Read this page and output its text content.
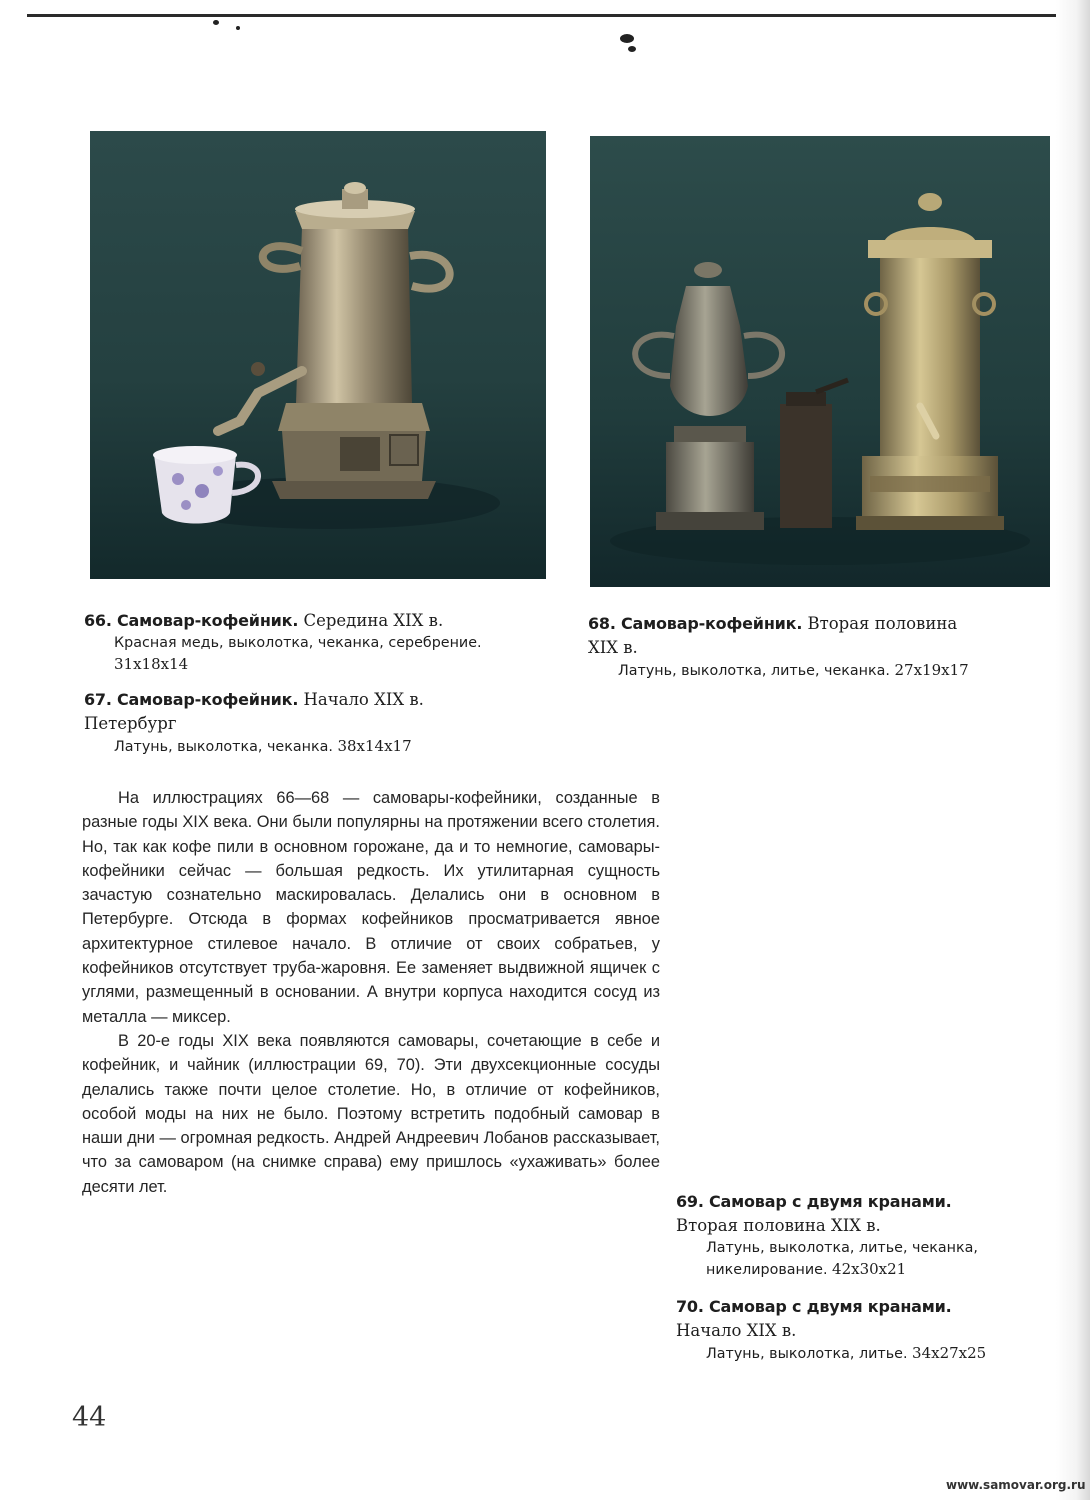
66. Самовар-кофейник. Середина XIX в.
Красная медь, выколотка, чеканка, серебрение.
31x18x14
67. Самовар-кофейник. Начало XIX в.
Петербург
Латунь, выколотка, чеканка. 38x14x17
68. Самовар-кофейник. Вторая половина
XIX в.
Латунь, выколотка, литье, чеканка. 27x19x17

На иллюстрациях 66—68 — самовары-кофейники, созданные в разные годы XIX века. Они были популярны на протяжении всего столетия. Но, так как кофе пили в основном горожане, да и то немногие, самовары-кофейники сейчас — большая редкость. Их утилитарная сущность зачастую сознательно маскировалась. Делались они в основном в Петербурге. Отсюда в формах кофейников просматривается явное архитектурное стилевое начало. В отличие от своих собратьев, у кофейников отсутствует труба-жаровня. Ее заменяет выдвижной ящичек с углями, размещенный в основании. А внутри корпуса находится сосуд из металла — миксер.

В 20-е годы XIX века появляются самовары, сочетающие в себе и кофейник, и чайник (иллюстрации 69, 70). Эти двухсекционные сосуды делались также почти целое столетие. Но, в отличие от кофейников, особой моды на них не было. Поэтому встретить подобный самовар в наши дни — огромная редкость. Андрей Андреевич Лобанов рассказывает, что за самоваром (на снимке справа) ему пришлось «ухаживать» более десяти лет.

69. Самовар с двумя кранами.
Вторая половина XIX в.
Латунь, выколотка, литье, чеканка,
никелирование. 42x30x21
70. Самовар с двумя кранами.
Начало XIX в.
Латунь, выколотка, литье. 34x27x25
44
www.samovar.org.ru
